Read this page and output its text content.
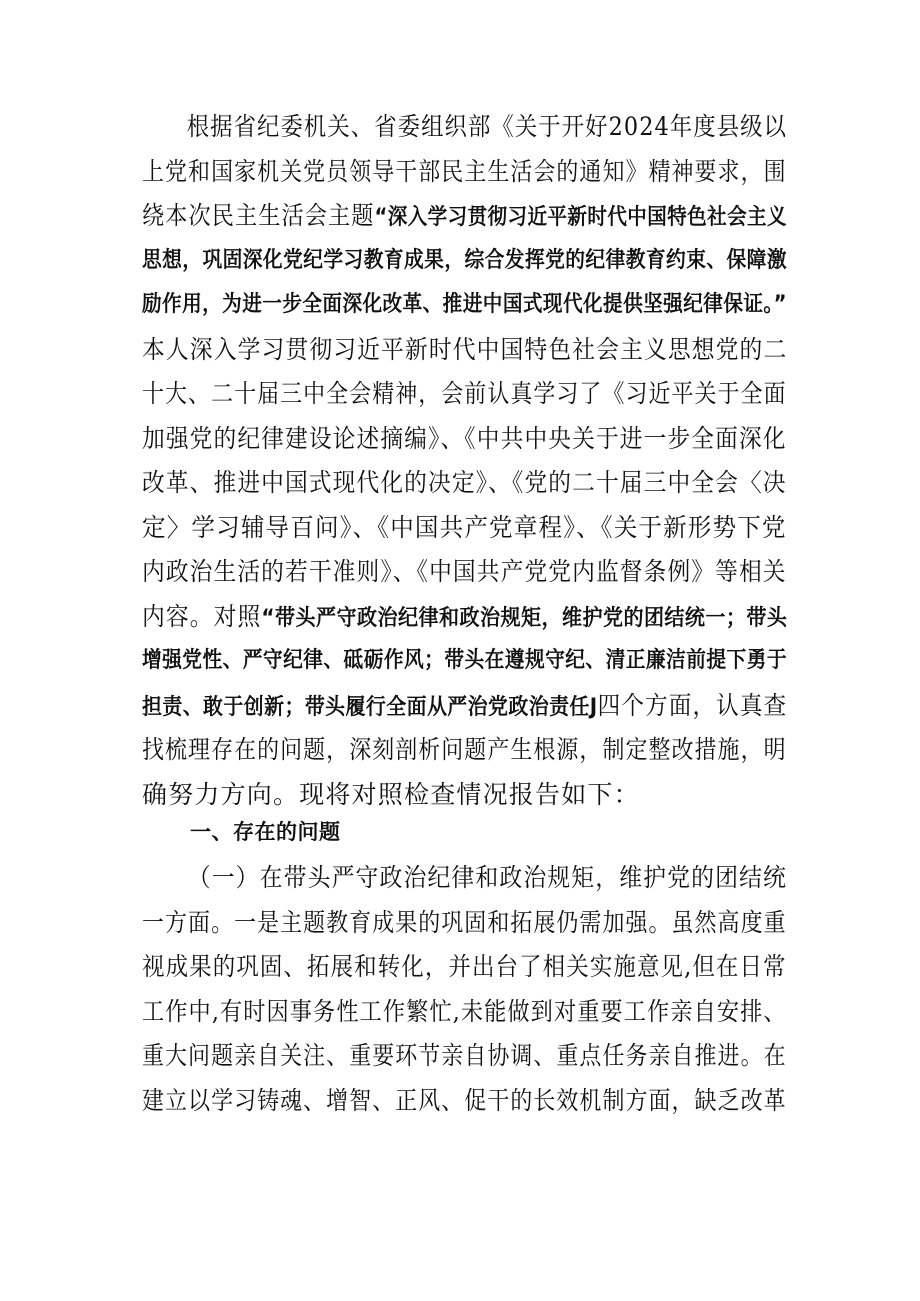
根据省纪委机关、省委组织部《关于开好2024年度县级以
上党和国家机关党员领导干部民主生活会的通知》精神要求，围
绕本次民主生活会主题“深入学习贯彻习近平新时代中国特色社会主义
思想，巩固深化党纪学习教育成果，综合发挥党的纪律教育约束、保障激
励作用，为进一步全面深化改革、推进中国式现代化提供坚强纪律保证。”
本人深入学习贯彻习近平新时代中国特色社会主义思想党的二
十大、二十届三中全会精神，会前认真学习了《习近平关于全面
加强党的纪律建设论述摘编》、《中共中央关于进一步全面深化
改革、推进中国式现代化的决定》、《党的二十届三中全会〈决
定〉学习辅导百问》、《中国共产党章程》、《关于新形势下党
内政治生活的若干准则》、《中国共产党党内监督条例》等相关
内容。对照“带头严守政治纪律和政治规矩，维护党的团结统一；带头
增强党性、严守纪律、砥砺作风；带头在遵规守纪、清正廉洁前提下勇于
担责、敢于创新；带头履行全面从严治党政治责任J四个方面，认真查
找梳理存在的问题，深刻剖析问题产生根源，制定整改措施，明
确努力方向。现将对照检查情况报告如下：
一、存在的问题
（一）在带头严守政治纪律和政治规矩，维护党的团结统
一方面。一是主题教育成果的巩固和拓展仍需加强。虽然高度重
视成果的巩固、拓展和转化，并出台了相关实施意见,但在日常
工作中,有时因事务性工作繁忙,未能做到对重要工作亲自安排、
重大问题亲自关注、重要环节亲自协调、重点任务亲自推进。在
建立以学习铸魂、增智、正风、促干的长效机制方面，缺乏改革
